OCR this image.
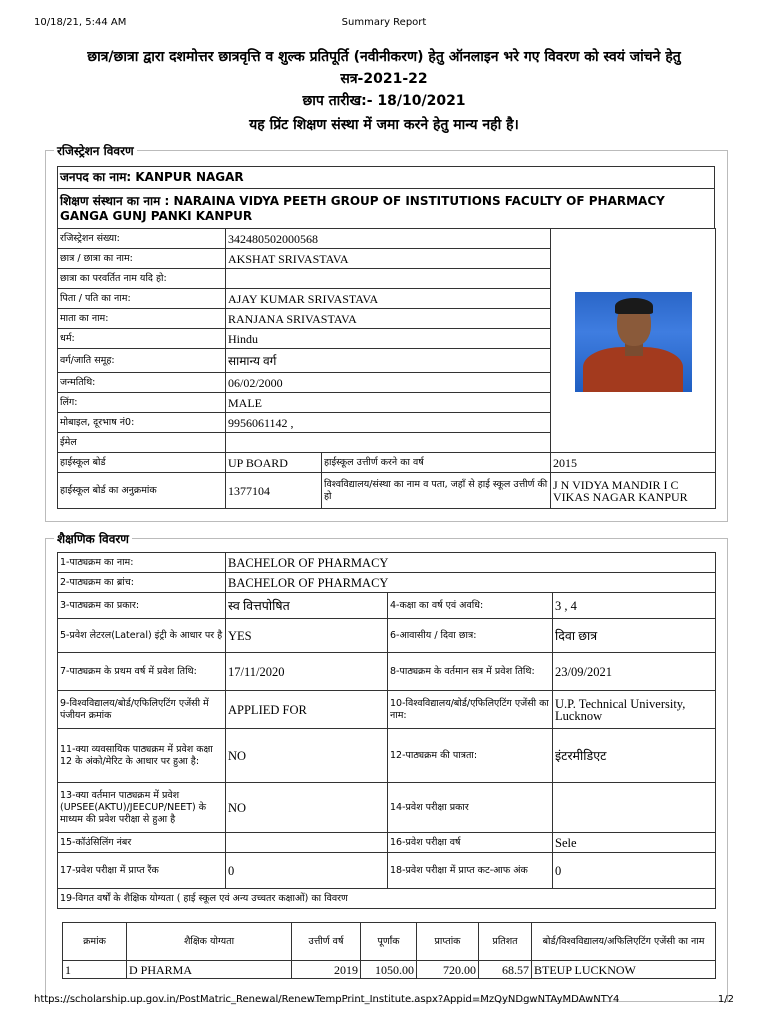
10/18/21, 5:44 AM	Summary Report
छात्र/छात्रा द्वारा दशमोत्तर छात्रवृत्ति व शुल्क प्रतिपूर्ति (नवीनीकरण) हेतु ऑनलाइन भरे गए विवरण को स्वयं जांचने हेतु
सत्र-2021-22
छाप तारीख:- 18/10/2021
यह प्रिंट शिक्षण संस्था में जमा करने हेतु मान्य नही है।
रजिस्ट्रेशन विवरण
जनपद का नाम: KANPUR NAGAR
शिक्षण संस्थान का नाम : NARAINA VIDYA PEETH GROUP OF INSTITUTIONS FACULTY OF PHARMACY GANGA GUNJ PANKI KANPUR
रजिस्ट्रेशन संख्या:	342480502000568		
छात्र / छात्रा का नाम:	AKSHAT SRIVASTAVA		
छात्रा का परवर्तित नाम यदि हो:			
पिता / पति का नाम:	AJAY KUMAR SRIVASTAVA		
माता का नाम:	RANJANA SRIVASTAVA		
धर्म:	Hindu		
वर्ग/जाति समूह:	सामान्य वर्ग		
जन्मतिथि:	06/02/2000		
लिंग:	MALE		
मोबाइल, दूरभाष नं0:	9956061142 ,		
ईमेल			
हाईस्कूल बोर्ड	UP BOARD	हाईस्कूल उत्तीर्ण करने का वर्ष	2015
हाईस्कूल बोर्ड का अनुक्रमांक	1377104	विश्वविद्यालय/संस्था का नाम व पता, जहाँ से हाई स्कूल उत्तीर्ण की हो	J N VIDYA MANDIR I C VIKAS NAGAR KANPUR
शैक्षणिक विवरण
1-पाठ्यक्रम का नाम:	BACHELOR OF PHARMACY		
2-पाठ्यक्रम का ब्रांच:	BACHELOR OF PHARMACY		
3-पाठ्यक्रम का प्रकार:	स्व वित्तपोषित	4-कक्षा का वर्ष एवं अवधि:	3 , 4
5-प्रवेश लेटरल(Lateral) इंट्री के आधार पर है	YES	6-आवासीय / दिवा छात्र:	दिवा छात्र
7-पाठ्यक्रम के प्रथम वर्ष में प्रवेश तिथि:	17/11/2020	8-पाठ्यक्रम के वर्तमान सत्र में प्रवेश तिथि:	23/09/2021
9-विश्वविद्यालय/बोर्ड/एफिलिएटिंग एजेंसी में पंजीयन क्रमांक	APPLIED FOR	10-विश्वविद्यालय/बोर्ड/एफिलिएटिंग एजेंसी का नाम:	U.P. Technical University, Lucknow
11-क्या व्यवसायिक पाठ्यक्रम में प्रवेश कक्षा 12 के अंको/मेरिट के आधार पर हुआ है:	NO	12-पाठ्यक्रम की पात्रता:	इंटरमीडिएट
13-क्या वर्तमान पाठ्यक्रम में प्रवेश (UPSEE(AKTU)/JEECUP/NEET) के माध्यम की प्रवेश परीक्षा से हुआ है	NO	14-प्रवेश परीक्षा प्रकार	
15-कॉउंसिलिंग नंबर		16-प्रवेश परीक्षा वर्ष	Sele
17-प्रवेश परीक्षा में प्राप्त रैंक	0	18-प्रवेश परीक्षा में प्राप्त कट-आफ अंक	0
19-विगत वर्षों के शैक्षिक योग्यता ( हाई स्कूल एवं अन्य उच्चतर कक्षाओं) का विवरण			
क्रमांक	शैक्षिक योग्यता	उत्तीर्ण वर्ष	पूर्णांक	प्राप्तांक	प्रतिशत	बोर्ड/विश्वविद्यालय/अफिलिएटिंग एजेंसी का नाम
1	D PHARMA	2019	1050.00	720.00	68.57	BTEUP LUCKNOW
https://scholarship.up.gov.in/PostMatric_Renewal/RenewTempPrint_Institute.aspx?Appid=MzQyNDgwNTAyMDAwNTY4	1/2
